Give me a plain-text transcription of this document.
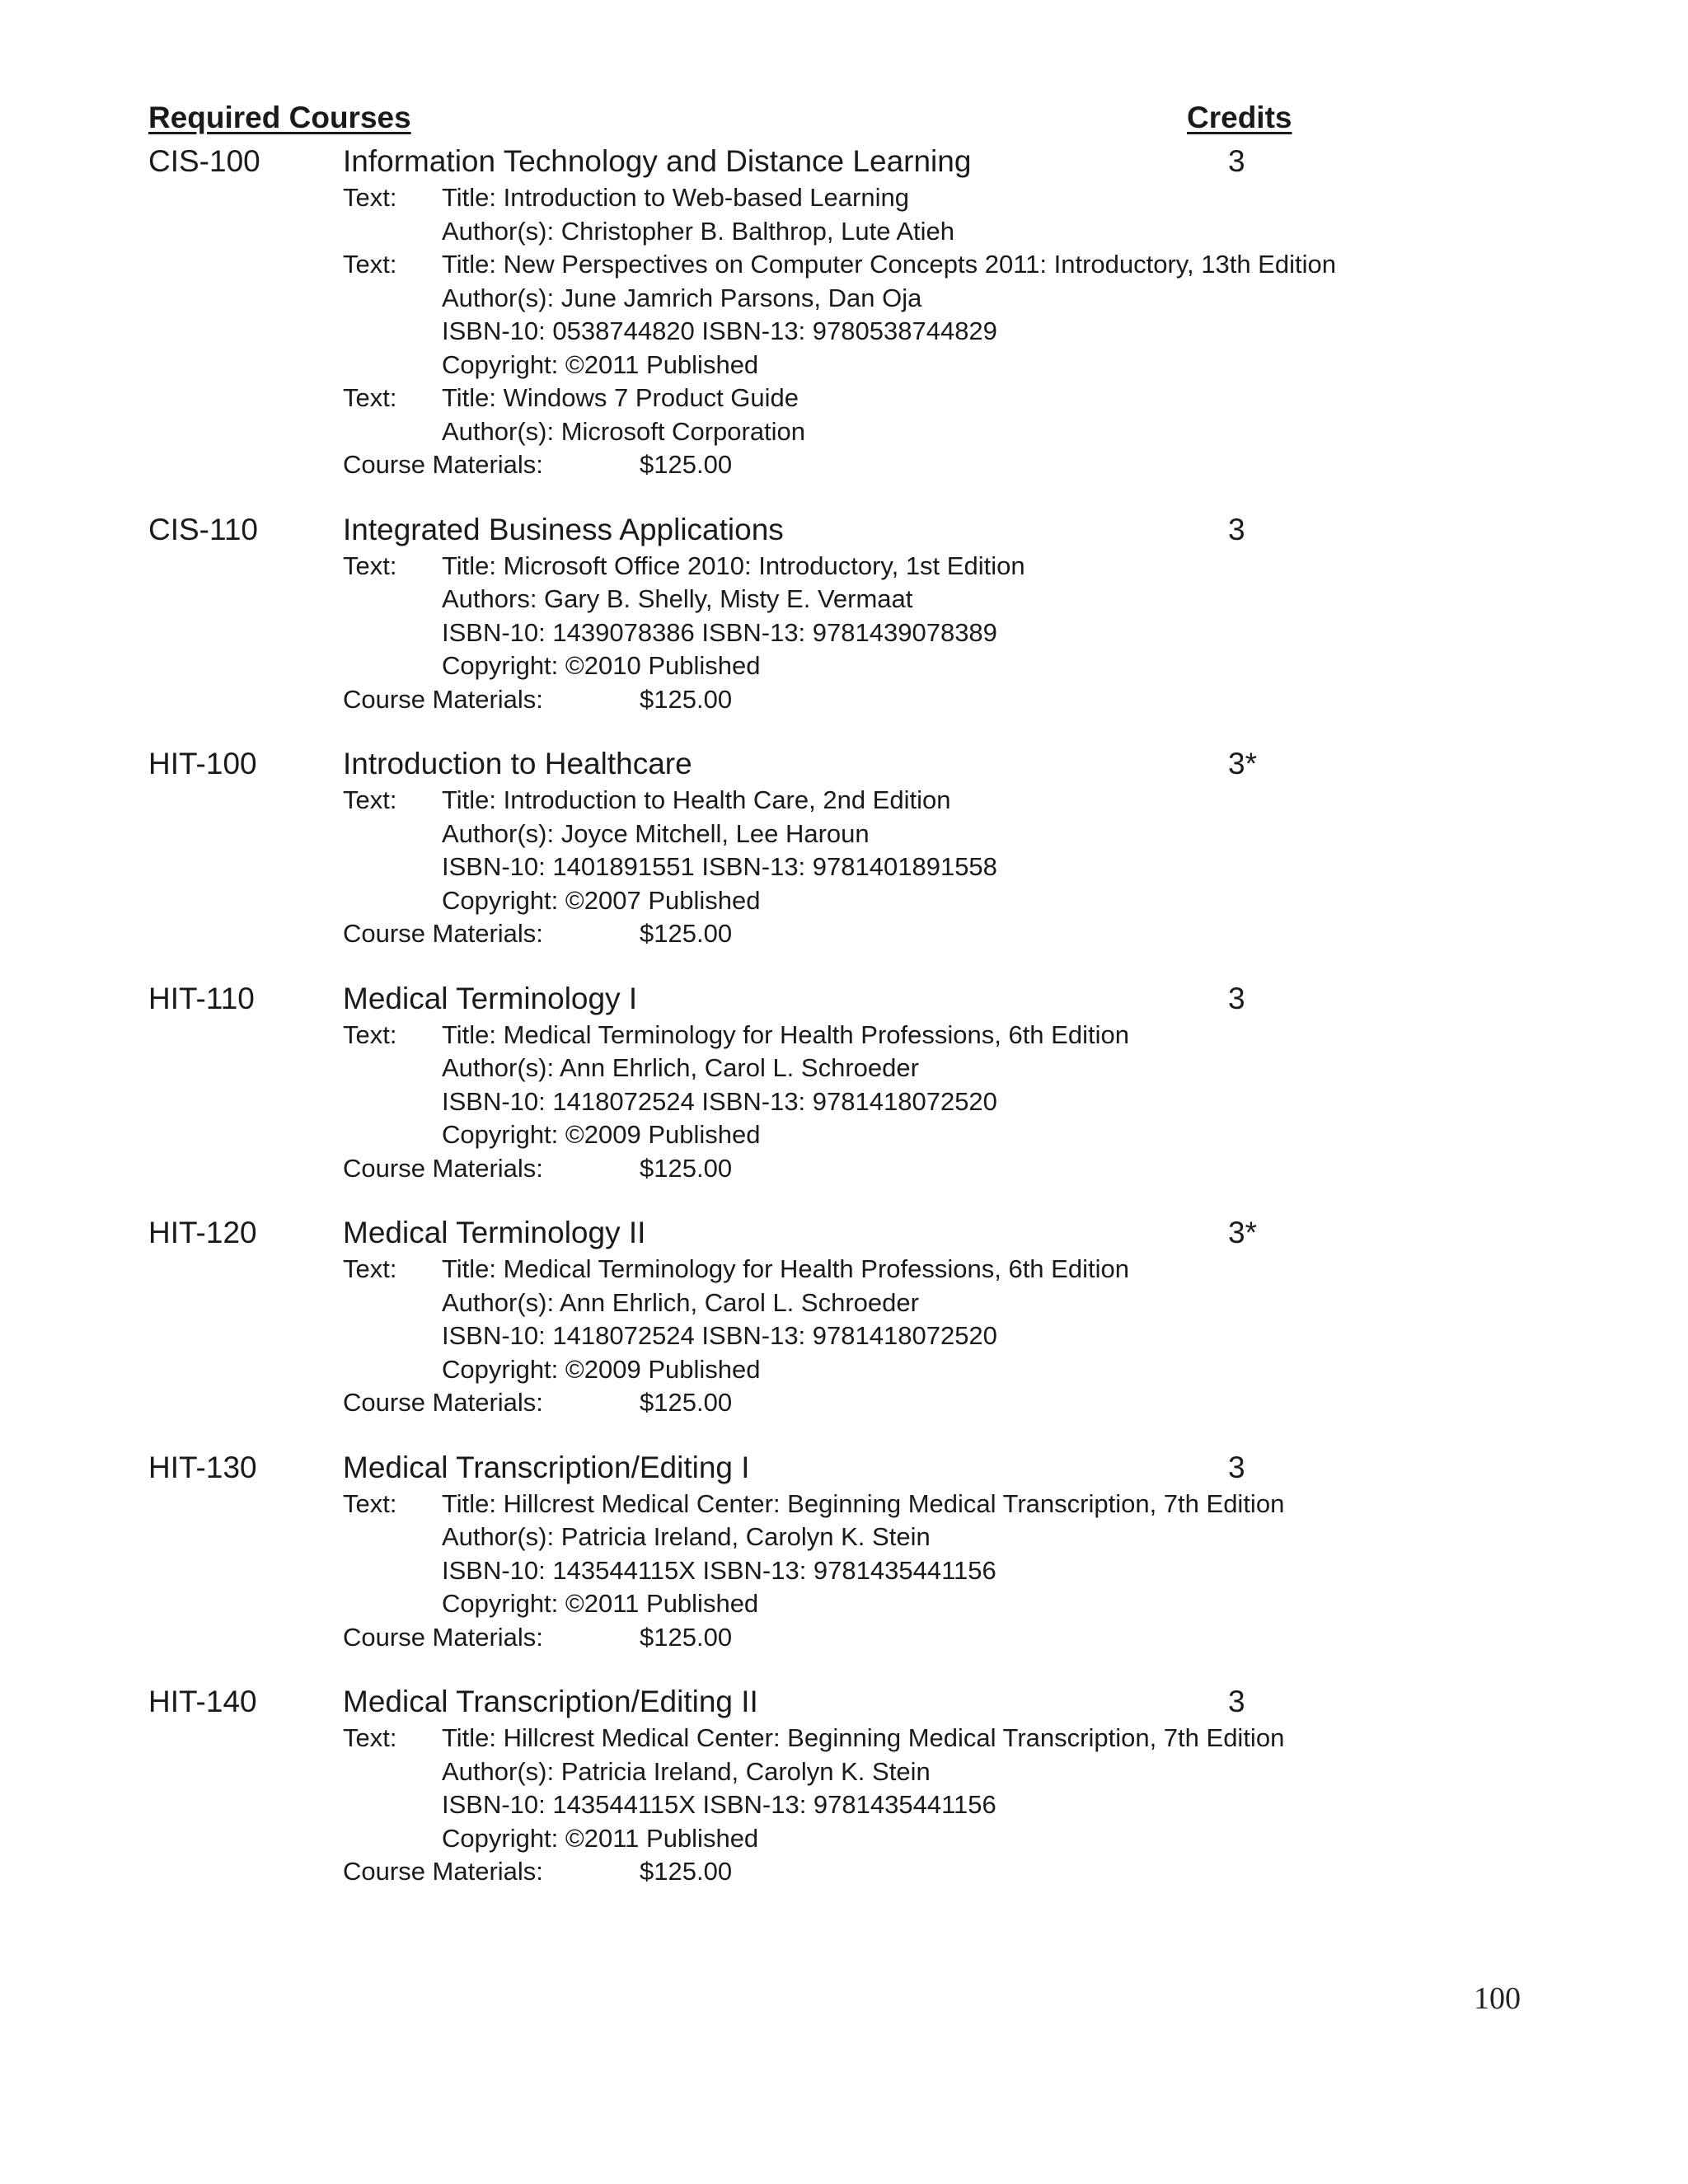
Required Courses	Credits
CIS-100	Information Technology and Distance Learning	3
Text: Title: Introduction to Web-based Learning
Author(s): Christopher B. Balthrop, Lute Atieh
Text: Title: New Perspectives on Computer Concepts 2011: Introductory, 13th Edition
Author(s): June Jamrich Parsons, Dan Oja
ISBN-10: 0538744820 ISBN-13: 9780538744829
Copyright: ©2011 Published
Text: Title: Windows 7 Product Guide
Author(s): Microsoft Corporation
Course Materials:	$125.00
CIS-110	Integrated Business Applications	3
Text: Title: Microsoft Office 2010: Introductory, 1st Edition
Authors: Gary B. Shelly, Misty E. Vermaat
ISBN-10: 1439078386 ISBN-13: 9781439078389
Copyright: ©2010 Published
Course Materials:	$125.00
HIT-100	Introduction to Healthcare	3*
Text: Title: Introduction to Health Care, 2nd Edition
Author(s): Joyce Mitchell, Lee Haroun
ISBN-10: 1401891551 ISBN-13: 9781401891558
Copyright: ©2007 Published
Course Materials:	$125.00
HIT-110	Medical Terminology I	3
Text: Title: Medical Terminology for Health Professions, 6th Edition
Author(s): Ann Ehrlich, Carol L. Schroeder
ISBN-10: 1418072524 ISBN-13: 9781418072520
Copyright: ©2009 Published
Course Materials:	$125.00
HIT-120	Medical Terminology II	3*
Text: Title: Medical Terminology for Health Professions, 6th Edition
Author(s): Ann Ehrlich, Carol L. Schroeder
ISBN-10: 1418072524 ISBN-13: 9781418072520
Copyright: ©2009 Published
Course Materials:	$125.00
HIT-130	Medical Transcription/Editing I	3
Text: Title: Hillcrest Medical Center: Beginning Medical Transcription, 7th Edition
Author(s): Patricia Ireland, Carolyn K. Stein
ISBN-10: 143544115X ISBN-13: 9781435441156
Copyright: ©2011 Published
Course Materials:	$125.00
HIT-140	Medical Transcription/Editing II	3
Text: Title: Hillcrest Medical Center: Beginning Medical Transcription, 7th Edition
Author(s): Patricia Ireland, Carolyn K. Stein
ISBN-10: 143544115X ISBN-13: 9781435441156
Copyright: ©2011 Published
Course Materials:	$125.00
100
